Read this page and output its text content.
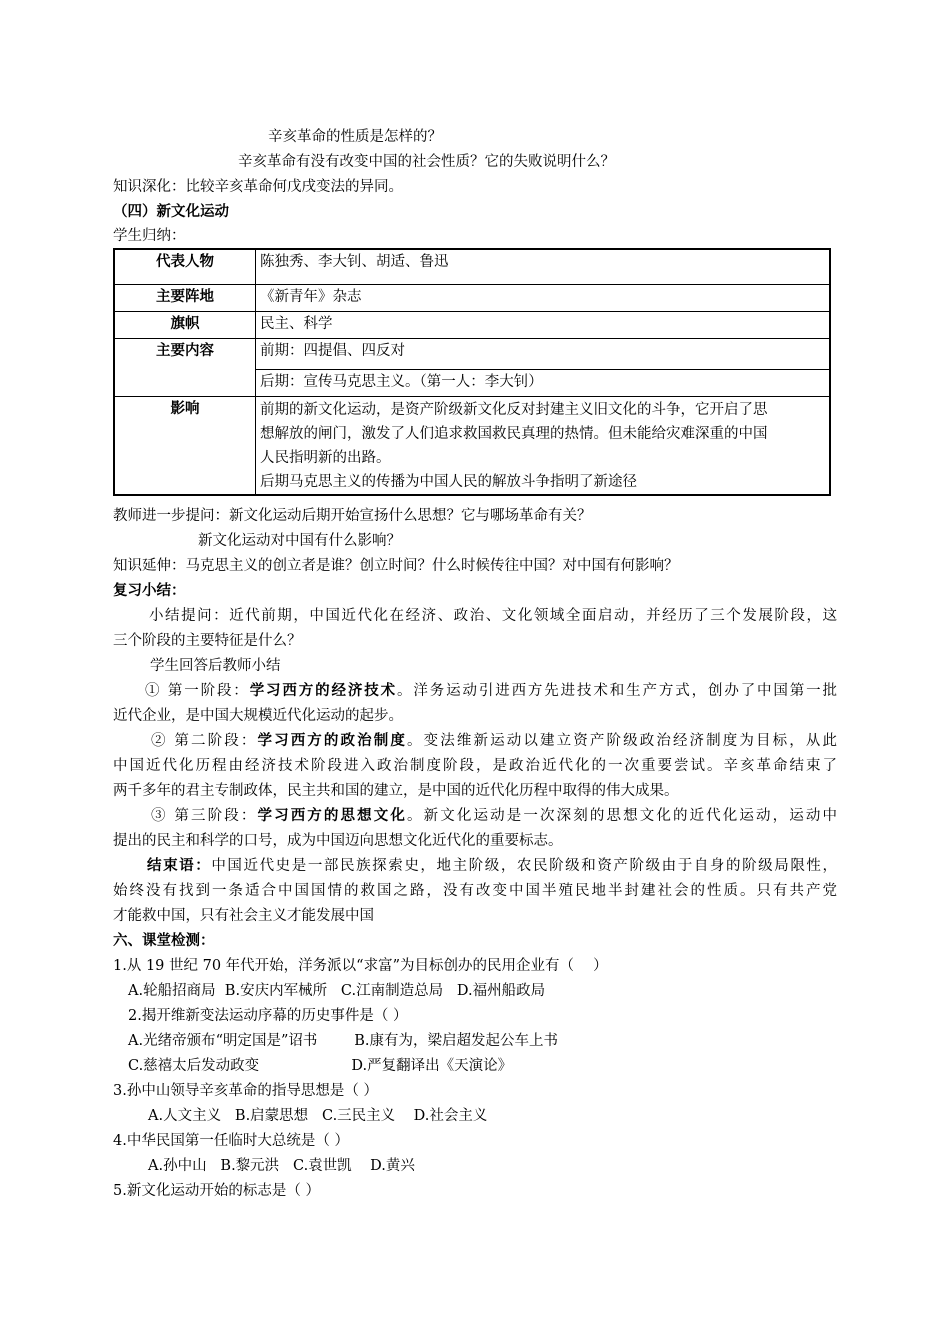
辛亥革命的性质是怎样的？
辛亥革命有没有改变中国的社会性质？它的失败说明什么？
知识深化：比较辛亥革命何戊戌变法的异同。
（四）新文化运动
学生归纳：
代表人物	陈独秀、李大钊、胡适、鲁迅
主要阵地	《新青年》杂志
旗帜	民主、科学
主要内容	前期：四提倡、四反对
	后期：宣传马克思主义。（第一人：李大钊）
影响	前期的新文化运动，是资产阶级新文化反对封建主义旧文化的斗争，它开启了思
想解放的闸门，激发了人们追求救国救民真理的热情。但未能给灾难深重的中国
人民指明新的出路。
后期马克思主义的传播为中国人民的解放斗争指明了新途径
教师进一步提问：新文化运动后期开始宣扬什么思想？它与哪场革命有关？
新文化运动对中国有什么影响？
知识延伸：马克思主义的创立者是谁？创立时间？什么时候传往中国？对中国有何影响？
复习小结：
小结提问：近代前期，中国近代化在经济、政治、文化领域全面启动，并经历了三个发展阶段，这
三个阶段的主要特征是什么？
学生回答后教师小结
① 第一阶段：学习西方的经济技术。洋务运动引进西方先进技术和生产方式，创办了中国第一批
近代企业，是中国大规模近代化运动的起步。
② 第二阶段：学习西方的政治制度。变法维新运动以建立资产阶级政治经济制度为目标，从此
中国近代化历程由经济技术阶段进入政治制度阶段，是政治近代化的一次重要尝试。辛亥革命结束了
两千多年的君主专制政体，民主共和国的建立，是中国的近代化历程中取得的伟大成果。
③ 第三阶段：学习西方的思想文化。新文化运动是一次深刻的思想文化的近代化运动，运动中
提出的民主和科学的口号，成为中国迈向思想文化近代化的重要标志。
结束语：中国近代史是一部民族探索史，地主阶级，农民阶级和资产阶级由于自身的阶级局限性，
始终没有找到一条适合中国国情的救国之路，没有改变中国半殖民地半封建社会的性质。只有共产党
才能救中国，只有社会主义才能发展中国
六、课堂检测：
1.从 19 世纪 70 年代开始，洋务派以“求富”为目标创办的民用企业有（　 ）
A.轮船招商局  B.安庆内军械所   C.江南制造总局   D.福州船政局
2.揭开维新变法运动序幕的历史事件是（ ）
A.光绪帝颁布“明定国是”诏书        B.康有为，梁启超发起公车上书
C.慈禧太后发动政变                    D.严复翻译出《天演论》
3.孙中山领导辛亥革命的指导思想是（ ）
A.人文主义   B.启蒙思想   C.三民主义    D.社会主义
4.中华民国第一任临时大总统是（ ）
A.孙中山   B.黎元洪   C.袁世凯    D.黄兴
5.新文化运动开始的标志是（ ）
